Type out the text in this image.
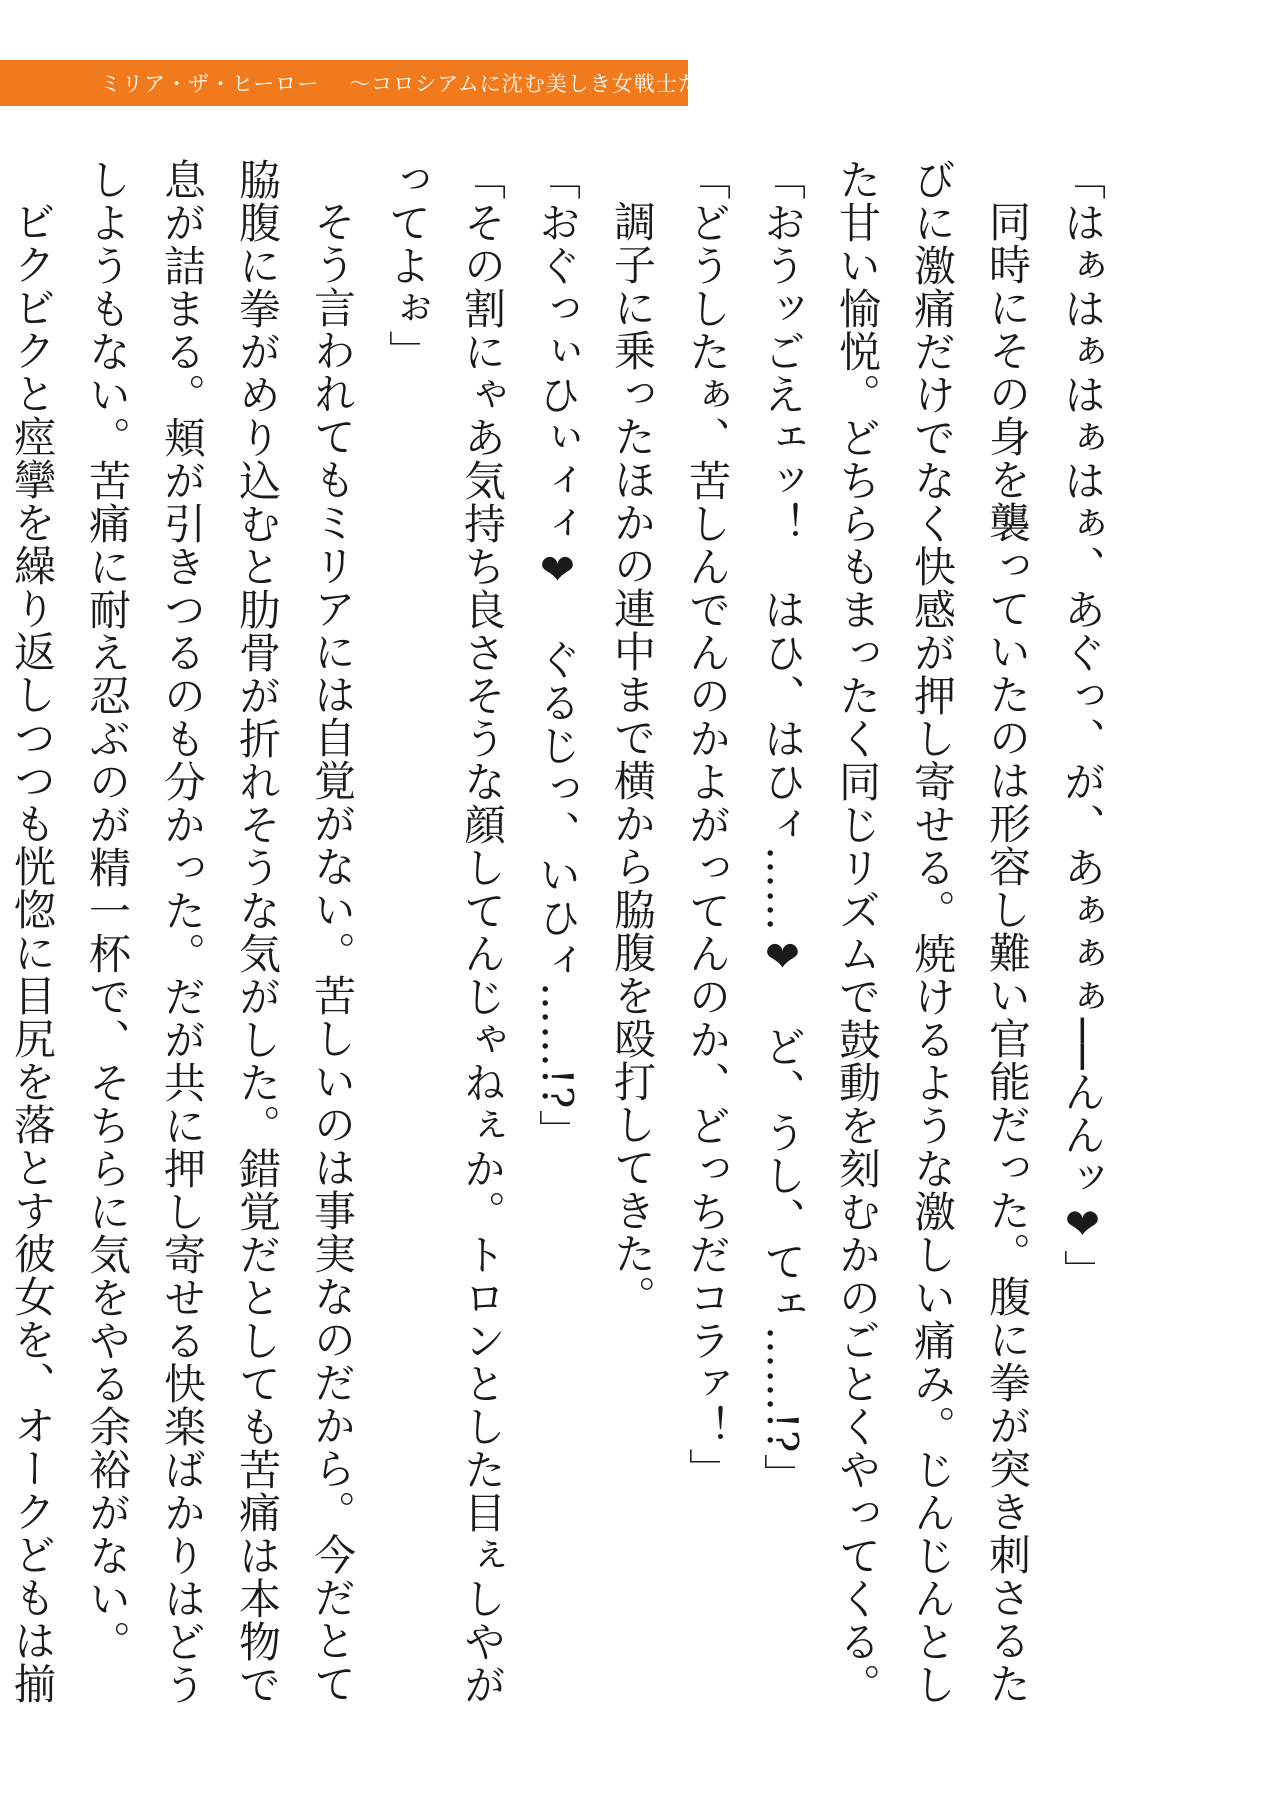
ミリア・ザ・ヒーロー 〜コロシアムに沈む美しき女戦士たち〜

「はぁはぁはぁはぁ、あぐっ、が、あぁぁぁ──んんッ❤」

同時にその身を襲っていたのは形容し難い官能だった。腹に拳が突き刺さるたびに激痛だけでなく快感が押し寄せる。焼けるような激しい痛み。じんじんとした甘い愉悦。どちらもまったく同じリズムで鼓動を刻むかのごとくやってくる。

「おうッごえェッ！　はひ、はひィ……❤　ど、うし、てェ……!?」

「どうしたぁ、苦しんでんのかよがってんのか、どっちだコラァ！」

調子に乗ったほかの連中まで横から脇腹を殴打してきた。

「おぐっぃひぃィィ❤　ぐるじっ、いひィ……!?」

「その割にゃあ気持ち良さそうな顔してんじゃねぇか。トロンとした目ぇしやがってよぉ」

そう言われてもミリアには自覚がない。苦しいのは事実なのだから。今だとて脇腹に拳がめり込むと肋骨が折れそうな気がした。錯覚だとしても苦痛は本物で息が詰まる。頬が引きつるのも分かった。だが共に押し寄せる快楽ばかりはどうしようもない。苦痛に耐え忍ぶのが精一杯で、そちらに気をやる余裕がない。

ビクビクと痙攣を繰り返しつつも恍惚に目尻を落とす彼女を、オークどもは揃
